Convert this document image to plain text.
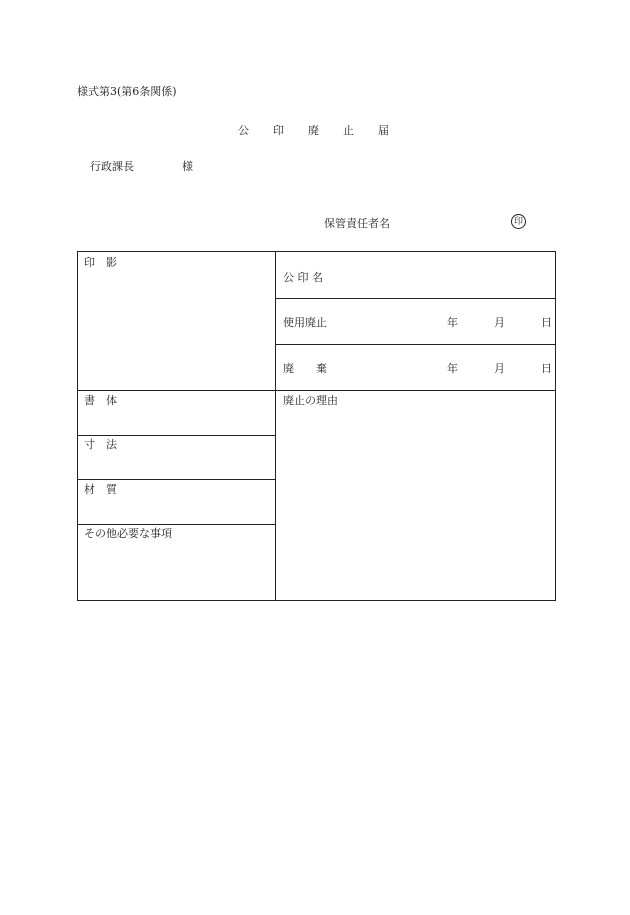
様式第3(第6条関係)
公 印 廃 止 届
行政課長	様
保管責任者名	印
印　影
公 印 名
使用廃止	年	月	日
廃　　棄	年	月	日
書　体	廃止の理由
寸　法
材　質
その他必要な事項
